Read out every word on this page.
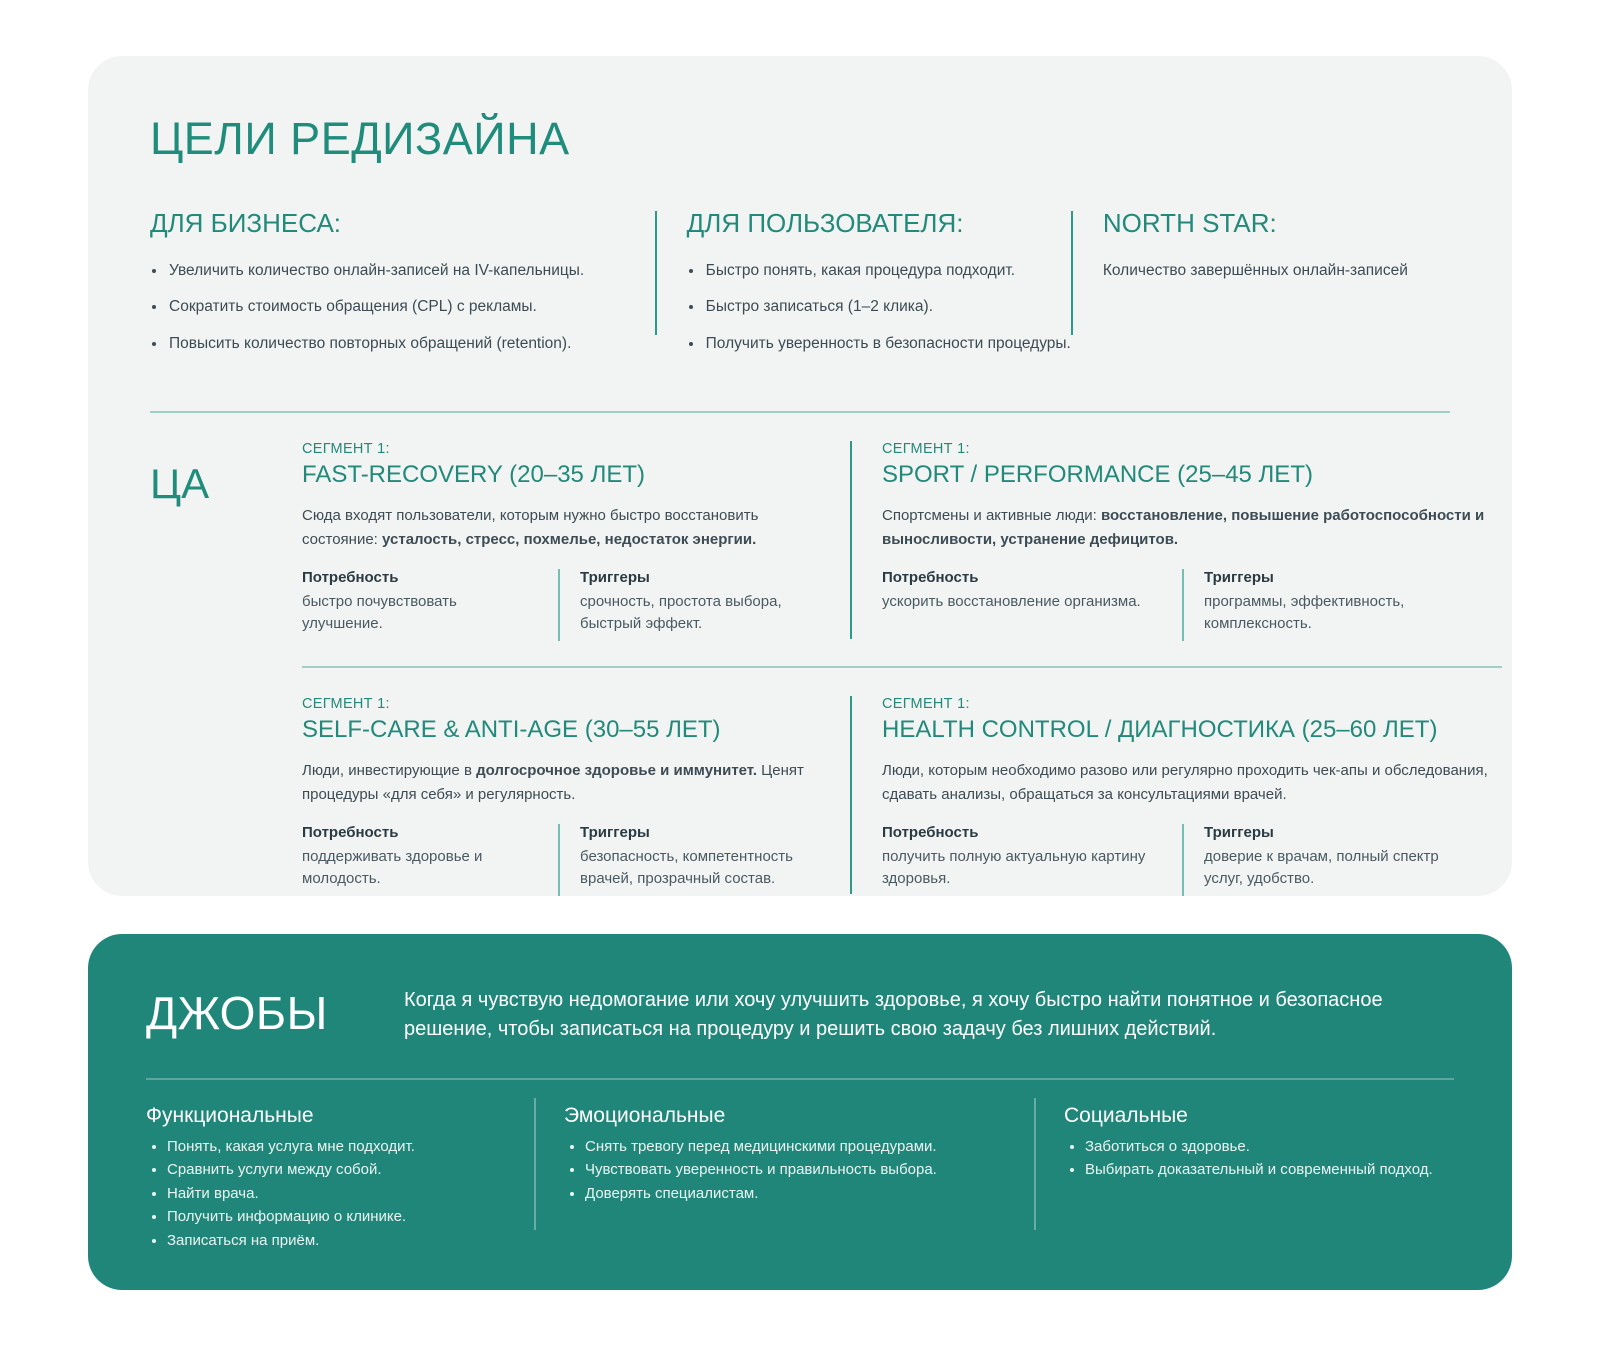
ЦЕЛИ РЕДИЗАЙНА
ДЛЯ БИЗНЕСА:
Увеличить количество онлайн-записей на IV-капельницы.
Сократить стоимость обращения (CPL) с рекламы.
Повысить количество повторных обращений (retention).
ДЛЯ ПОЛЬЗОВАТЕЛЯ:
Быстро понять, какая процедура подходит.
Быстро записаться (1–2 клика).
Получить уверенность в безопасности процедуры.
NORTH STAR:
Количество завершённых онлайн-записей
ЦА
СЕГМЕНТ 1:
FAST-RECOVERY (20–35 ЛЕТ)
Сюда входят пользователи, которым нужно быстро восстановить состояние: усталость, стресс, похмелье, недостаток энергии.
Потребность
быстро почувствовать улучшение.
Триггеры
срочность, простота выбора, быстрый эффект.
СЕГМЕНТ 1:
SPORT / PERFORMANCE (25–45 ЛЕТ)
Спортсмены и активные люди: восстановление, повышение работоспособности и выносливости, устранение дефицитов.
Потребность
ускорить восстановление организма.
Триггеры
программы, эффективность, комплексность.
СЕГМЕНТ 1:
SELF-CARE & ANTI-AGE (30–55 ЛЕТ)
Люди, инвестирующие в долгосрочное здоровье и иммунитет. Ценят процедуры «для себя» и регулярность.
Потребность
поддерживать здоровье и молодость.
Триггеры
безопасность, компетентность врачей, прозрачный состав.
СЕГМЕНТ 1:
HEALTH CONTROL / ДИАГНОСТИКА (25–60 ЛЕТ)
Люди, которым необходимо разово или регулярно проходить чек-апы и обследования, сдавать анализы, обращаться за консультациями врачей.
Потребность
получить полную актуальную картину здоровья.
Триггеры
доверие к врачам, полный спектр услуг, удобство.
ДЖОБЫ	Когда я чувствую недомогание или хочу улучшить здоровье, я хочу быстро найти понятное и безопасное решение, чтобы записаться на процедуру и решить свою задачу без лишних действий.
Функциональные
Понять, какая услуга мне подходит.
Сравнить услуги между собой.
Найти врача.
Получить информацию о клинике.
Записаться на приём.
Эмоциональные
Снять тревогу перед медицинскими процедурами.
Чувствовать уверенность и правильность выбора.
Доверять специалистам.
Социальные
Заботиться о здоровье.
Выбирать доказательный и современный подход.
